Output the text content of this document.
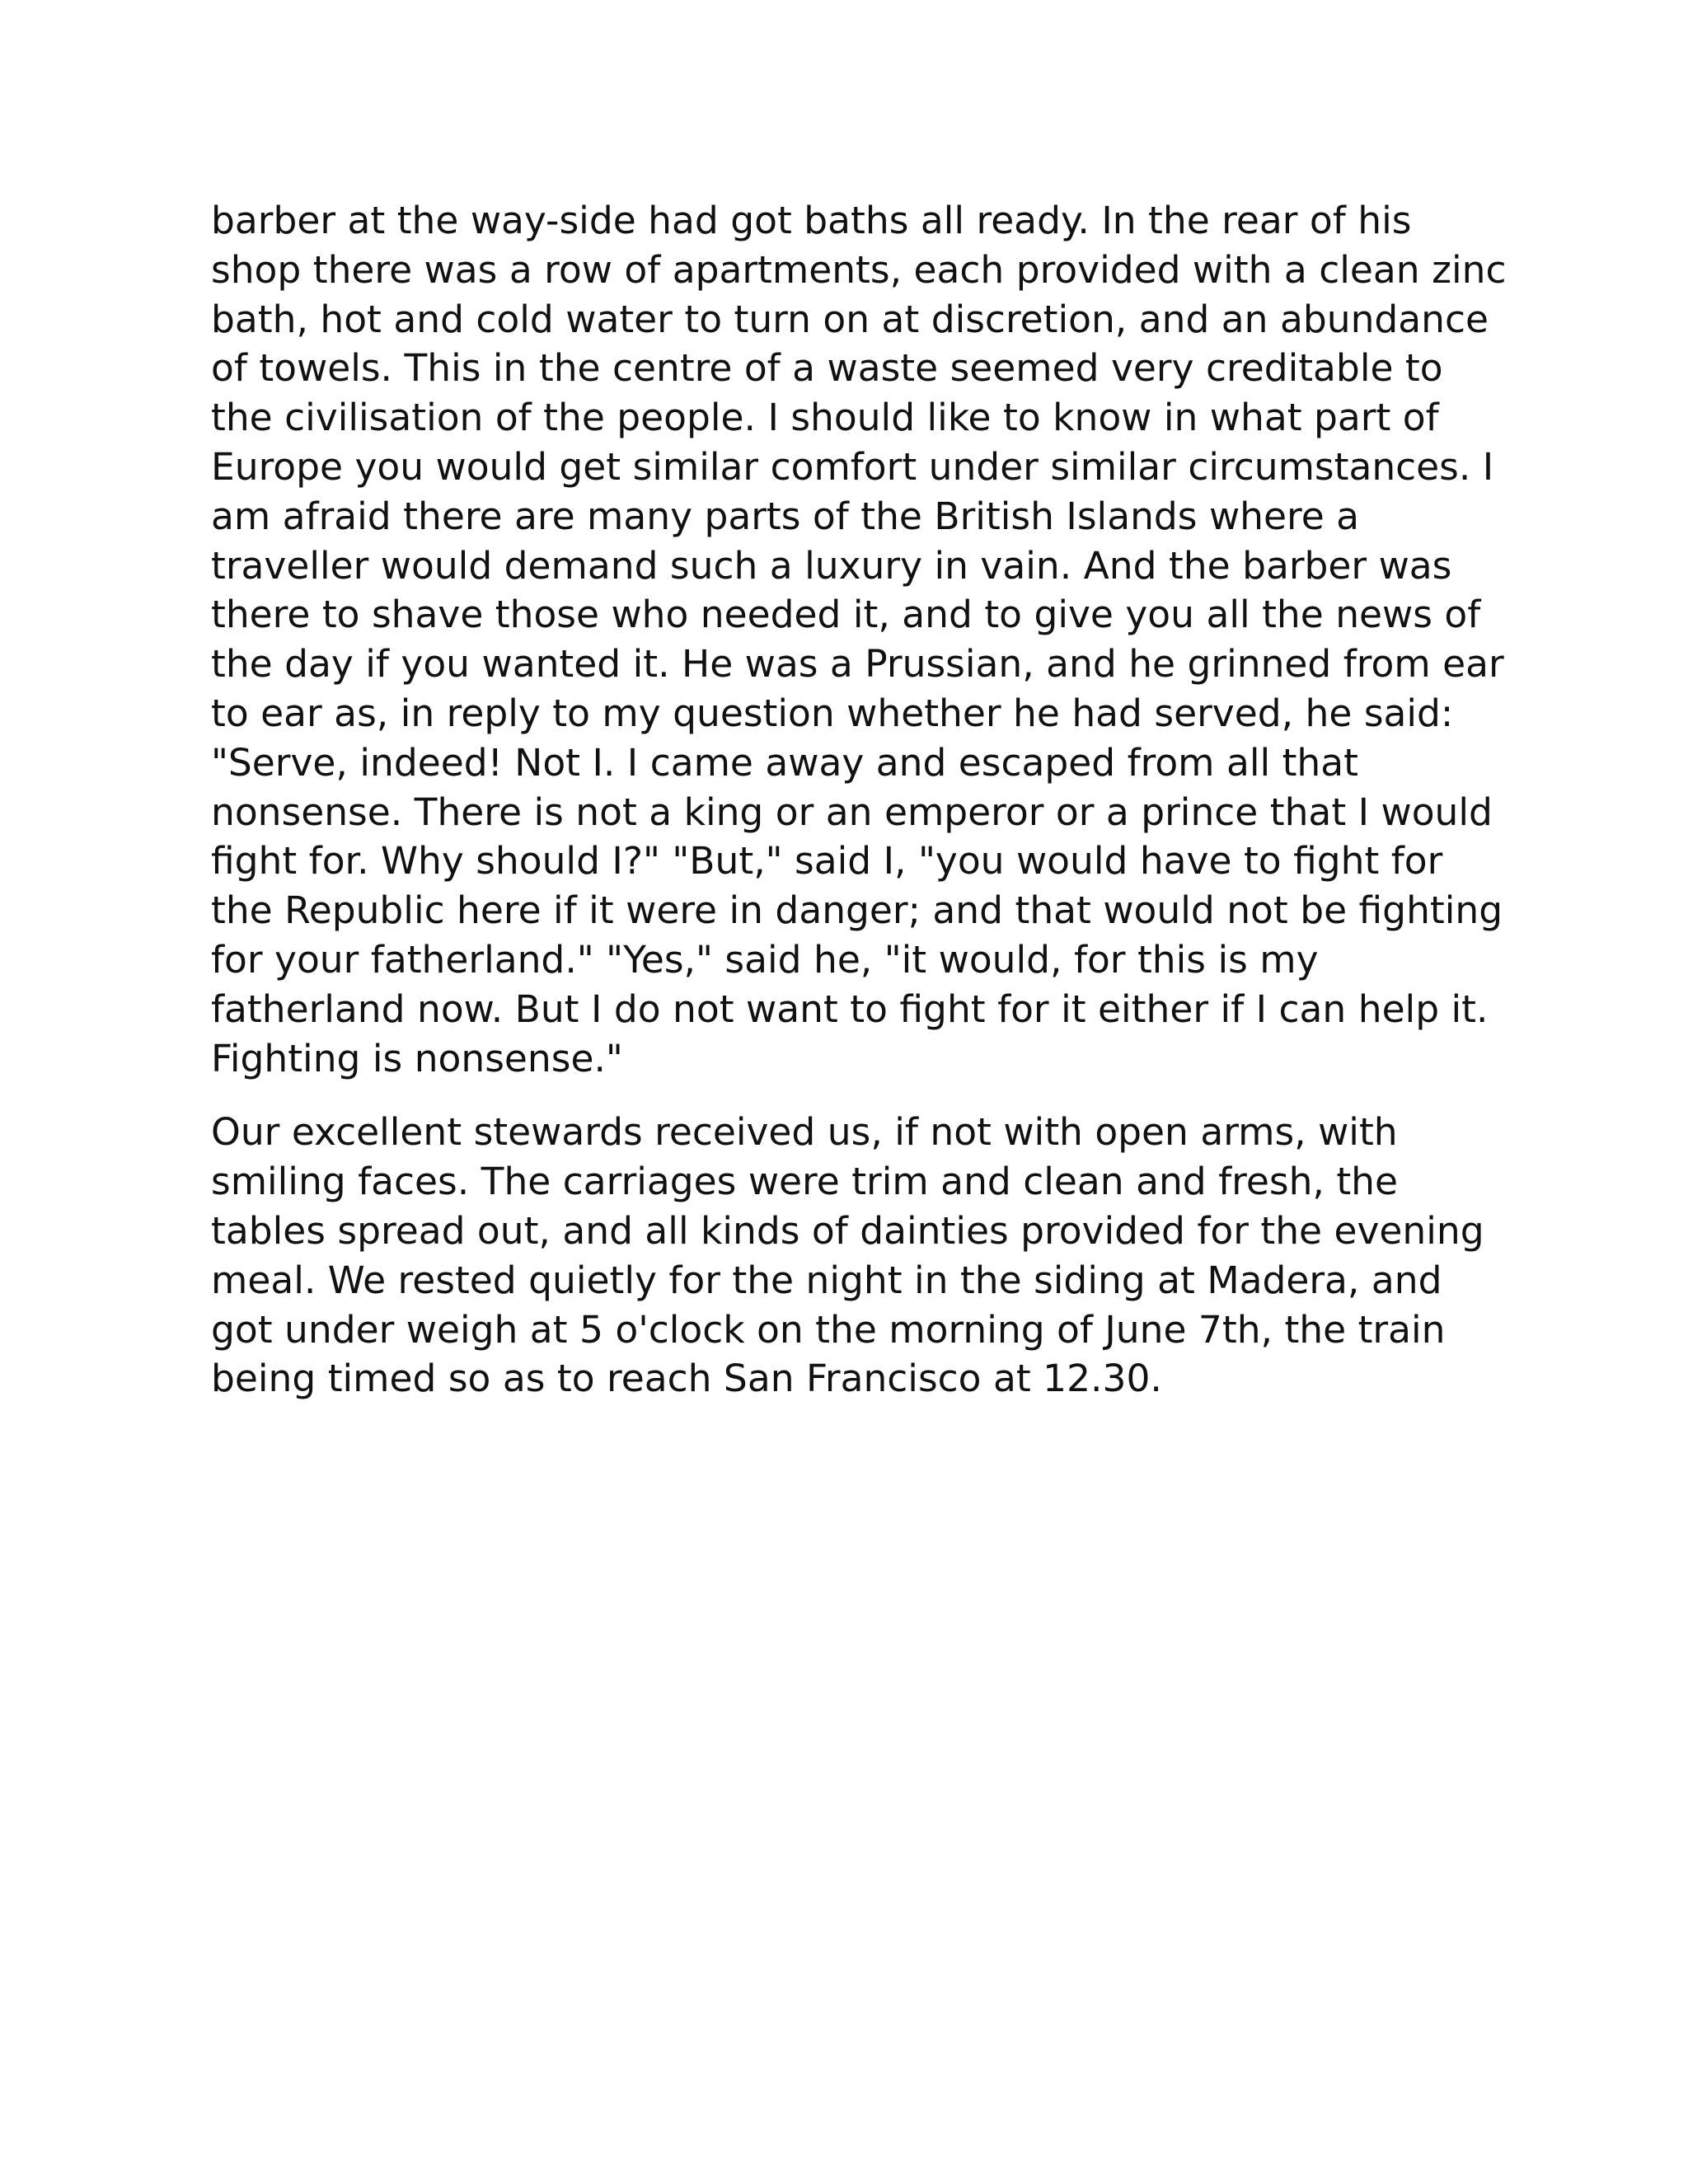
barber at the way-side had got baths all ready. In the rear of his
shop there was a row of apartments, each provided with a clean zinc
bath, hot and cold water to turn on at discretion, and an abundance
of towels. This in the centre of a waste seemed very creditable to
the civilisation of the people. I should like to know in what part of
Europe you would get similar comfort under similar circumstances. I
am afraid there are many parts of the British Islands where a
traveller would demand such a luxury in vain. And the barber was
there to shave those who needed it, and to give you all the news of
the day if you wanted it. He was a Prussian, and he grinned from ear
to ear as, in reply to my question whether he had served, he said:
"Serve, indeed! Not I. I came away and escaped from all that
nonsense. There is not a king or an emperor or a prince that I would
fight for. Why should I?" "But," said I, "you would have to fight for
the Republic here if it were in danger; and that would not be fighting
for your fatherland." "Yes," said he, "it would, for this is my
fatherland now. But I do not want to fight for it either if I can help it.
Fighting is nonsense."
Our excellent stewards received us, if not with open arms, with
smiling faces. The carriages were trim and clean and fresh, the
tables spread out, and all kinds of dainties provided for the evening
meal. We rested quietly for the night in the siding at Madera, and
got under weigh at 5 o'clock on the morning of June 7th, the train
being timed so as to reach San Francisco at 12.30.
